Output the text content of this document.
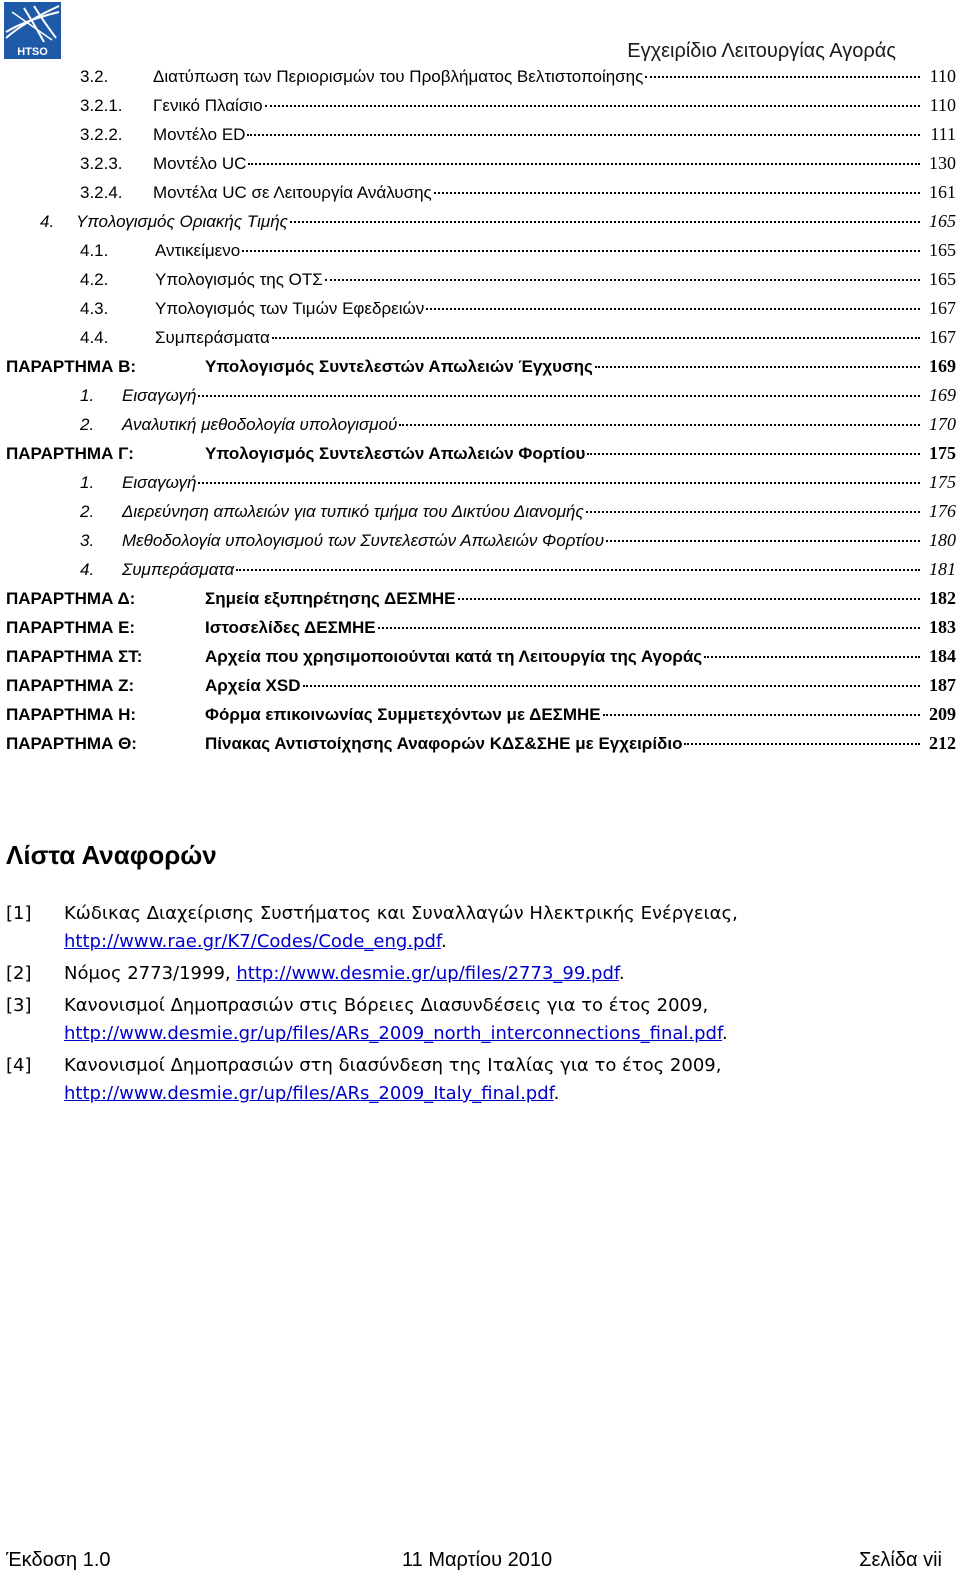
HTSO	Εγχειρίδιο Λειτουργίας Αγοράς
3.2.	Διατύπωση των Περιορισμών του Προβλήματος Βελτιστοποίησης	110
3.2.1.	Γενικό Πλαίσιο	110
3.2.2.	Μοντέλο ED	111
3.2.3.	Μοντέλο UC	130
3.2.4.	Μοντέλα UC σε Λειτουργία Ανάλυσης	161
4.	Υπολογισμός Οριακής Τιμής	165
4.1.	Αντικείμενο	165
4.2.	Υπολογισμός της ΟΤΣ	165
4.3.	Υπολογισμός των Τιμών Εφεδρειών	167
4.4.	Συμπεράσματα	167
ΠΑΡΑΡΤΗΜΑ Β:	Υπολογισμός Συντελεστών Απωλειών Έγχυσης	169
1.	Εισαγωγή	169
2.	Αναλυτική μεθοδολογία υπολογισμού	170
ΠΑΡΑΡΤΗΜΑ Γ:	Υπολογισμός Συντελεστών Απωλειών Φορτίου	175
1.	Εισαγωγή	175
2.	Διερεύνηση απωλειών για τυπικό τμήμα του Δικτύου Διανομής	176
3.	Μεθοδολογία υπολογισμού των Συντελεστών Απωλειών Φορτίου	180
4.	Συμπεράσματα	181
ΠΑΡΑΡΤΗΜΑ Δ:	Σημεία εξυπηρέτησης ΔΕΣΜΗΕ	182
ΠΑΡΑΡΤΗΜΑ Ε:	Ιστοσελίδες ΔΕΣΜΗΕ	183
ΠΑΡΑΡΤΗΜΑ ΣΤ:	Αρχεία που χρησιμοποιούνται κατά τη Λειτουργία της Αγοράς	184
ΠΑΡΑΡΤΗΜΑ Ζ:	Αρχεία XSD	187
ΠΑΡΑΡΤΗΜΑ Η:	Φόρμα επικοινωνίας Συμμετεχόντων με ΔΕΣΜΗΕ	209
ΠΑΡΑΡΤΗΜΑ Θ:	Πίνακας Αντιστοίχησης Αναφορών ΚΔΣ&ΣΗΕ με Εγχειρίδιο	212
Λίστα Αναφορών
[1]	Κώδικας Διαχείρισης Συστήματος και Συναλλαγών Ηλεκτρικής Ενέργειας, http://www.rae.gr/K7/Codes/Code_eng.pdf.
[2]	Νόμος 2773/1999, http://www.desmie.gr/up/files/2773_99.pdf.
[3]	Κανονισμοί Δημοπρασιών στις Βόρειες Διασυνδέσεις για το έτος 2009, http://www.desmie.gr/up/files/ARs_2009_north_interconnections_final.pdf.
[4]	Κανονισμοί Δημοπρασιών στη διασύνδεση της Ιταλίας για το έτος 2009, http://www.desmie.gr/up/files/ARs_2009_Italy_final.pdf.
Έκδοση 1.0	11 Μαρτίου 2010	Σελίδα vii
